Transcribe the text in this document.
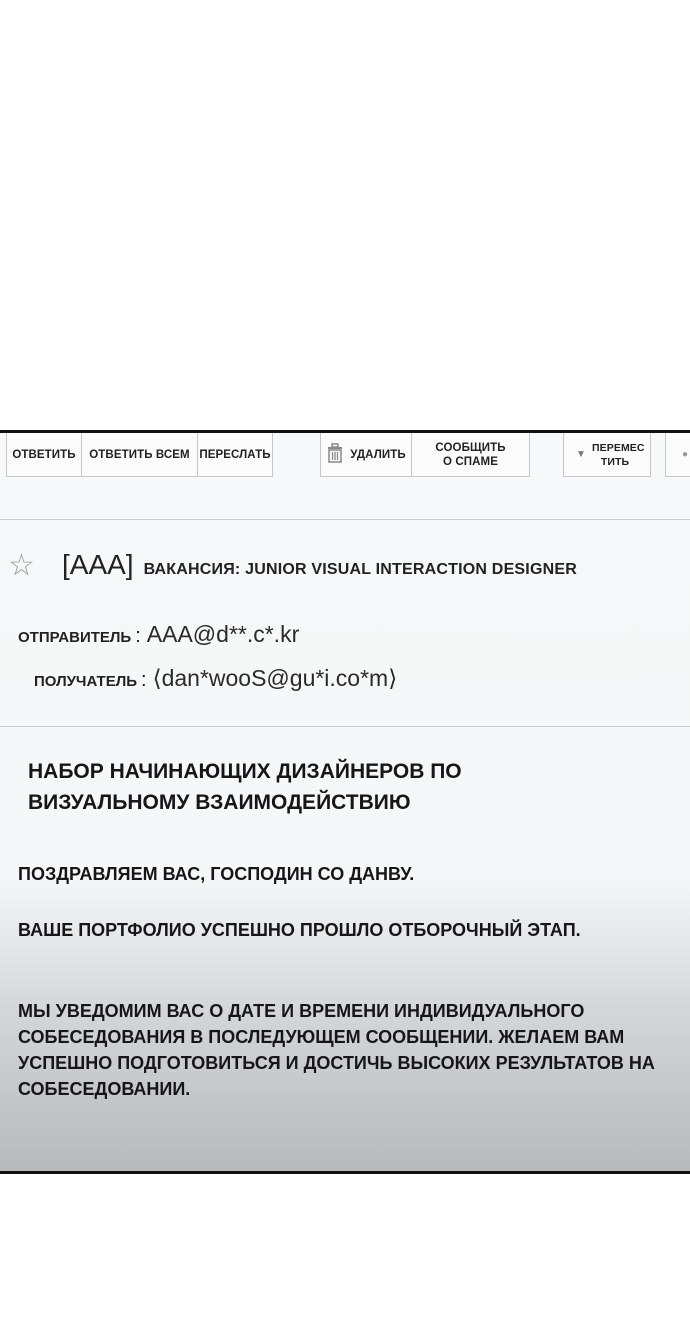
ОТВЕТИТЬ ОТВЕТИТЬ ВСЕМ ПЕРЕСЛАТЬ	УДАЛИТЬ
СООБЩИТЬ О СПАМЕ
▼
ПЕРЕМЕС ТИТЬ
●
☆ [AAA] ВАКАНСИЯ: JUNIOR VISUAL INTERACTION DESIGNER
ОТПРАВИТЕЛЬ : AAA@d**.c*.kr
ПОЛУЧАТЕЛЬ : ⟨dan*wooS@gu*i.co*m⟩
НАБОР НАЧИНАЮЩИХ ДИЗАЙНЕРОВ ПО ВИЗУАЛЬНОМУ ВЗАИМОДЕЙСТВИЮ
ПОЗДРАВЛЯЕМ ВАС, ГОСПОДИН СО ДАНВУ.
ВАШЕ ПОРТФОЛИО УСПЕШНО ПРОШЛО ОТБОРОЧНЫЙ ЭТАП.
МЫ УВЕДОМИМ ВАС О ДАТЕ И ВРЕМЕНИ ИНДИВИДУАЛЬНОГО СОБЕСЕДОВАНИЯ В ПОСЛЕДУЮЩЕМ СООБЩЕНИИ. ЖЕЛАЕМ ВАМ УСПЕШНО ПОДГОТОВИТЬСЯ И ДОСТИЧЬ ВЫСОКИХ РЕЗУЛЬТАТОВ НА СОБЕСЕДОВАНИИ.
